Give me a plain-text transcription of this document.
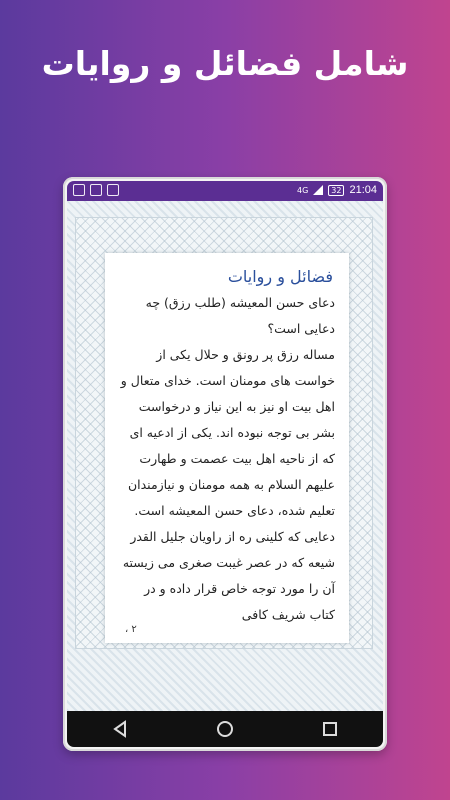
شامل فضائل و روایات
4G	32 21:04
فضائل و روایات

دعای حسن المعیشه (طلب رزق) چه دعایی است؟

مساله رزق پر رونق و حلال یکی از خواست های مومنان است. خدای متعال و اهل بیت او نیز به این نیاز و درخواست بشر بی توجه نبوده اند. یکی از ادعیه ای که از ناحیه اهل بیت عصمت و طهارت علیهم السلام به همه مومنان و نیازمندان تعلیم شده، دعای حسن المعیشه است. دعایی که کلینی ره از راویان جلیل القدر شیعه که در عصر غیبت صغری می زیسته آن را مورد توجه خاص قرار داده و در کتاب شریف کافی

۲ ،
